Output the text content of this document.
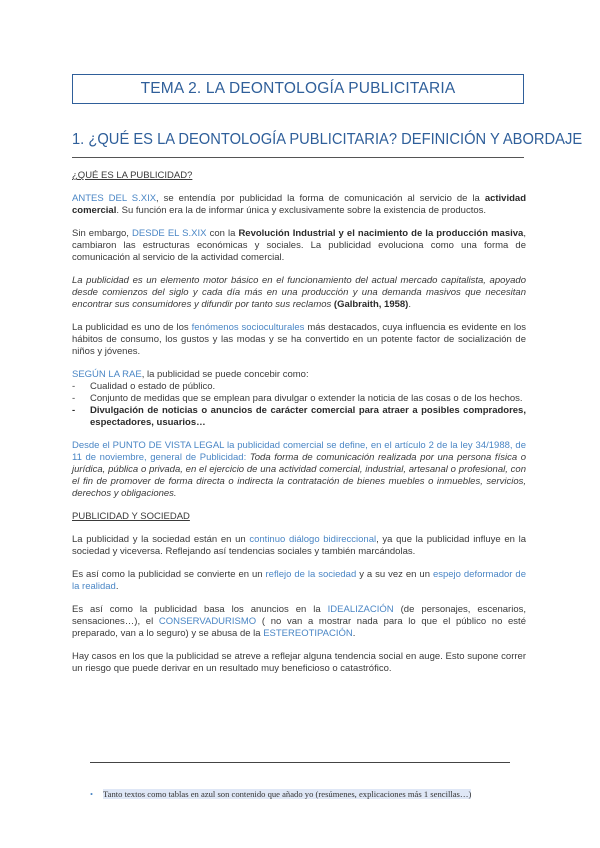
TEMA 2. LA DEONTOLOGÍA PUBLICITARIA
1. ¿QUÉ ES LA DEONTOLOGÍA PUBLICITARIA? DEFINICIÓN Y ABORDAJE
¿QUÉ ES LA PUBLICIDAD?

ANTES DEL S.XIX, se entendía por publicidad la forma de comunicación al servicio de la actividad comercial. Su función era la de informar única y exclusivamente sobre la existencia de productos.

Sin embargo, DESDE EL S.XIX con la Revolución Industrial y el nacimiento de la producción masiva, cambiaron las estructuras económicas y sociales. La publicidad evoluciona como una forma de comunicación al servicio de la actividad comercial.

La publicidad es un elemento motor básico en el funcionamiento del actual mercado capitalista, apoyado desde comienzos del siglo y cada día más en una producción y una demanda masivos que necesitan encontrar sus consumidores y difundir por tanto sus reclamos (Galbraith, 1958).

La publicidad es uno de los fenómenos socioculturales más destacados, cuya influencia es evidente en los hábitos de consumo, los gustos y las modas y se ha convertido en un potente factor de socialización de niños y jóvenes.

SEGÚN LA RAE, la publicidad se puede concebir como:

- Cualidad o estado de público.
- Conjunto de medidas que se emplean para divulgar o extender la noticia de las cosas o de los hechos.
- Divulgación de noticias o anuncios de carácter comercial para atraer a posibles compradores, espectadores, usuarios…

Desde el PUNTO DE VISTA LEGAL la publicidad comercial se define, en el artículo 2 de la ley 34/1988, de 11 de noviembre, general de Publicidad: Toda forma de comunicación realizada por una persona física o jurídica, pública o privada, en el ejercicio de una actividad comercial, industrial, artesanal o profesional, con el fin de promover de forma directa o indirecta la contratación de bienes muebles o inmuebles, servicios, derechos y obligaciones.

PUBLICIDAD Y SOCIEDAD

La publicidad y la sociedad están en un continuo diálogo bidireccional, ya que la publicidad influye en la sociedad y viceversa. Reflejando así tendencias sociales y también marcándolas.

Es así como la publicidad se convierte en un reflejo de la sociedad y a su vez en un espejo deformador de la realidad.

Es así como la publicidad basa los anuncios en la IDEALIZACIÓN (de personajes, escenarios, sensaciones…), el CONSERVADURISMO ( no van a mostrar nada para lo que el público no esté preparado, van a lo seguro) y se abusa de la ESTEREOTIPACIÓN.

Hay casos en los que la publicidad se atreve a reflejar alguna tendencia social en auge. Esto supone correr un riesgo que puede derivar en un resultado muy beneficioso o catastrófico.

• Tanto textos como tablas en azul son contenido que añado yo (resúmenes, explicaciones más 1 sencillas…)
